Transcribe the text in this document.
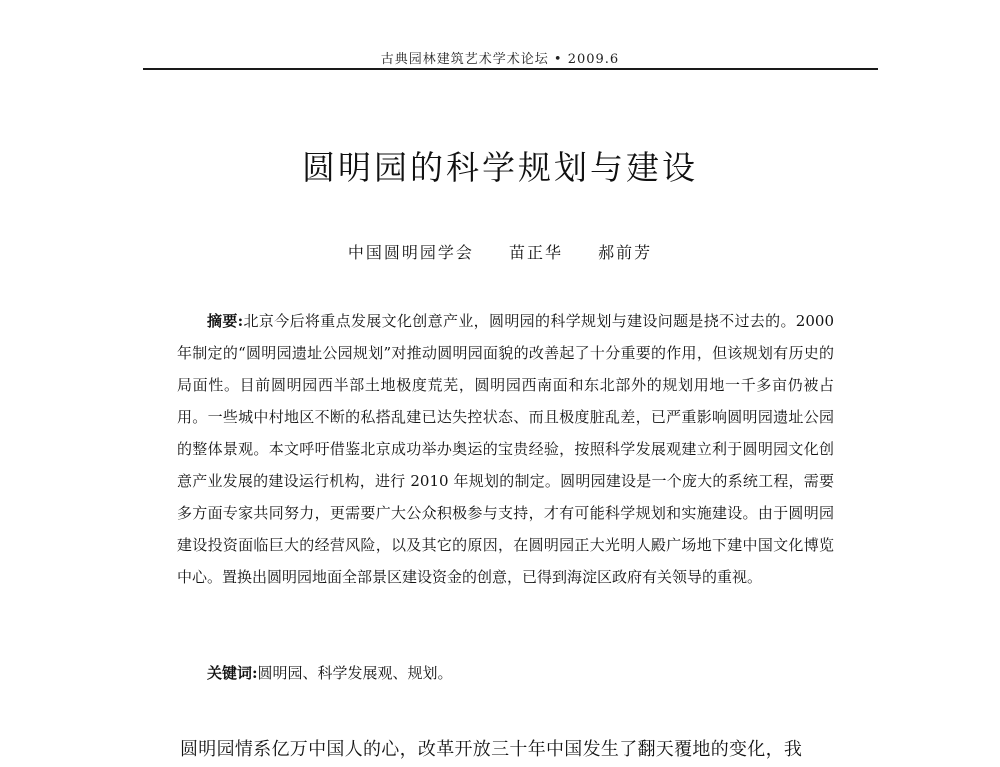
古典园林建筑艺术学术论坛 • 2009.6
圆明园的科学规划与建设
中国圆明园学会 苗正华 郝前芳

摘要:北京今后将重点发展文化创意产业，圆明园的科学规划与建设问题是挠不过去的。2000 年制定的“圆明园遗址公园规划”对推动圆明园面貌的改善起了十分重要的作用，但该规划有历史的局面性。目前圆明园西半部土地极度荒芜，圆明园西南面和东北部外的规划用地一千多亩仍被占用。一些城中村地区不断的私搭乱建已达失控状态、而且极度脏乱差，已严重影响圆明园遗址公园的整体景观。本文呼吁借鉴北京成功举办奥运的宝贵经验，按照科学发展观建立利于圆明园文化创意产业发展的建设运行机构，进行 2010 年规划的制定。圆明园建设是一个庞大的系统工程，需要多方面专家共同努力，更需要广大公众积极参与支持，才有可能科学规划和实施建设。由于圆明园建设投资面临巨大的经营风险，以及其它的原因，在圆明园正大光明人殿广场地下建中国文化博览中心。置换出圆明园地面全部景区建设资金的创意，已得到海淀区政府有关领导的重视。

关键词:圆明园、科学发展观、规划。

圆明园情系亿万中国人的心，改革开放三十年中国发生了翻天覆地的变化，我
